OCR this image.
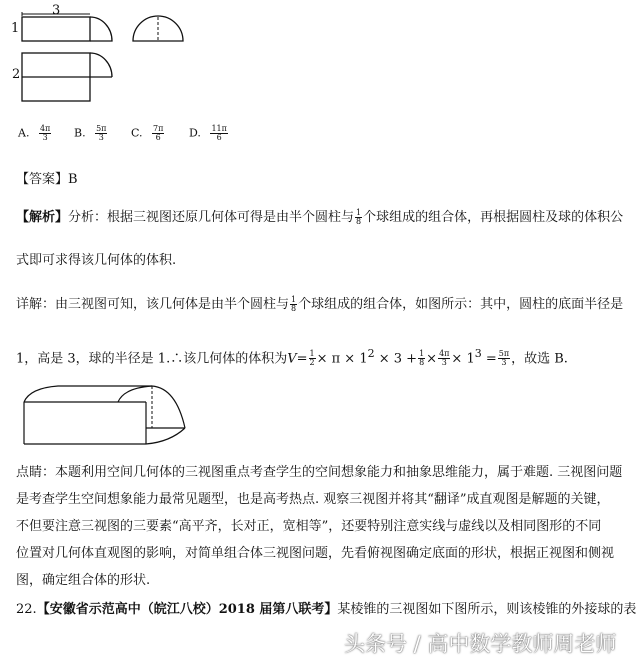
3
1
2
A. $\frac{4\pi}{3} B$. $\frac{5\pi}{3} C$. $\frac{7\pi}{6} D$. $\frac{11\pi}{6}$
【答案】B
【解析】分析：根据三视图还原几何体可得是由半个圆柱与 $\frac{1}{8}$ 个球组成的组合体，再根据圆柱及球的体积公
式即可求得该几何体的体积.
详解：由三视图可知，该几何体是由半个圆柱与 $\frac{1}{8}$ 个球组成的组合体，如图所示：其中，圆柱的底面半径是
1，高是 3，球的半径是 1.∴该几何体的体积为$V= \frac{1}{2} \times \pi \times 1^2 \times 3 + \frac{1}{8} \times \frac{4\pi}{3} \times 1^3 = \frac{5\pi}{3}$ ，故选 B.
点睛：本题利用空间几何体的三视图重点考查学生的空间想象能力和抽象思维能力，属于难题. 三视图问题
是考查学生空间想象能力最常见题型，也是高考热点. 观察三视图并将其“翻译”成直观图是解题的关键，
不但要注意三视图的三要素“高平齐，长对正，宽相等”，还要特别注意实线与虚线以及相同图形的不同
位置对几何体直观图的影响，对简单组合体三视图问题，先看俯视图确定底面的形状，根据正视图和侧视
图，确定组合体的形状.
22.【安徽省示范高中（皖江八校）2018 届第八联考】某棱锥的三视图如下图所示，则该棱锥的外接球的表
头条号 / 高中数学教师周老师
